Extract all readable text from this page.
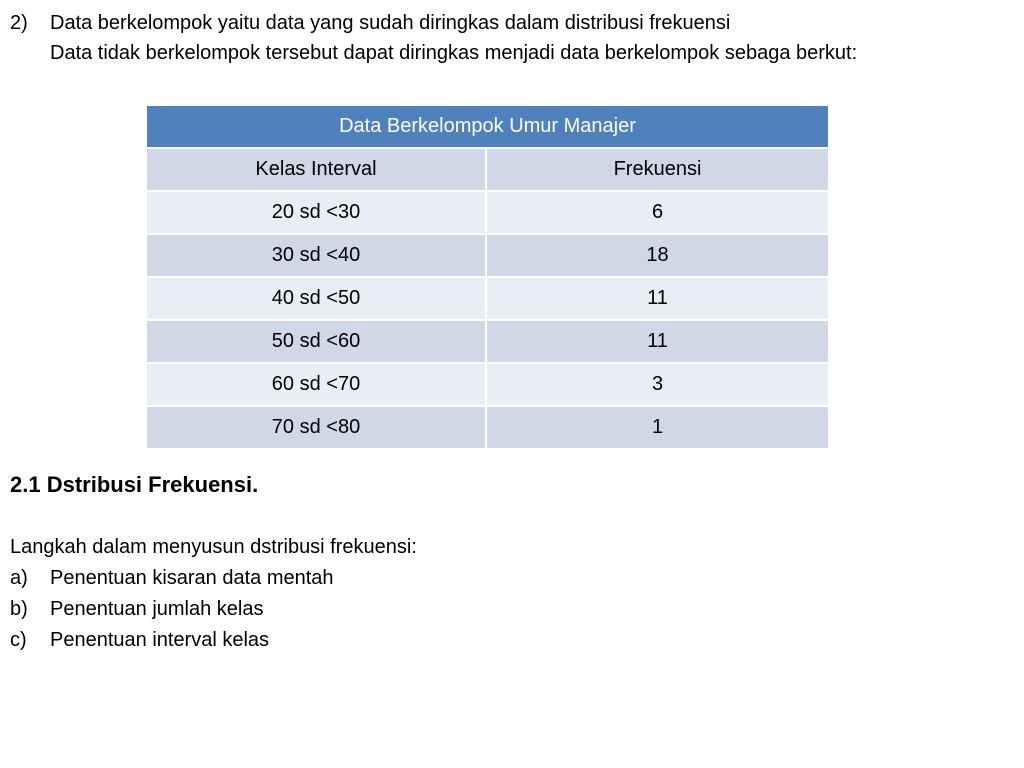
2)	Data berkelompok yaitu data yang sudah diringkas dalam distribusi frekuensi
Data tidak berkelompok tersebut dapat diringkas menjadi data berkelompok sebaga berkut:
Data Berkelompok Umur Manajer	
Kelas Interval	Frekuensi
20 sd <30	6
30 sd <40	18
40 sd <50	11
50 sd <60	11
60 sd <70	3
70 sd <80	1
2.1 Dstribusi Frekuensi.
Langkah dalam menyusun dstribusi frekuensi:
a)	Penentuan kisaran data mentah
b)	Penentuan jumlah kelas
c)	Penentuan interval kelas
